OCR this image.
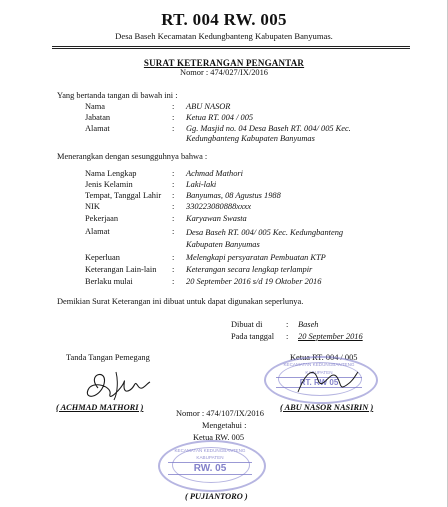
RT. 004 RW. 005
Desa Baseh Kecamatan Kedungbanteng Kabupaten Banyumas.
SURAT KETERANGAN PENGANTAR
Nomor : 474/027/IX/2016
Yang bertanda tangan di bawah ini :
Nama	: ABU NASOR
Jabatan	: Ketua RT. 004 / 005
Alamat	: Gg. Masjid no. 04 Desa Baseh RT. 004/ 005 Kec. Kedungbanteng Kabupaten Banyumas
Menerangkan dengan sesungguhnya bahwa :
Nama Lengkap	: Achmad Mathori
Jenis Kelamin	: Laki-laki
Tempat, Tanggal Lahir : Banyumas, 08 Agustus 1988
NIK	: 330223080888xxxx
Pekerjaan	: Karyawan Swasta
Alamat	: Desa Baseh RT. 004/ 005 Kec. Kedungbanteng Kabupaten Banyumas
Keperluan	: Melengkapi persyaratan Pembuatan KTP
Keterangan Lain-lain : Keterangan secara lengkap terlampir
Berlaku mulai	: 20 September 2016 s/d 19 Oktober 2016
Demikian Surat Keterangan ini dibuat untuk dapat digunakan seperlunya.
Dibuat di	: Baseh
Pada tanggal : 20 September 2016
Tanda Tangan Pemegang
( ACHMAD MATHORI )
Ketua RT. 004 / 005
KECAMATAN KEDUNGBANTENG
KABUPATEN
RT. RW 05
( ABU NASOR NASIRIN )
Nomor : 474/107/IX/2016
Mengetahui :
Ketua RW. 005
KECAMATAN KEDUNGBANTENG
KABUPATEN
RW. 05
( PUJIANTORO )
